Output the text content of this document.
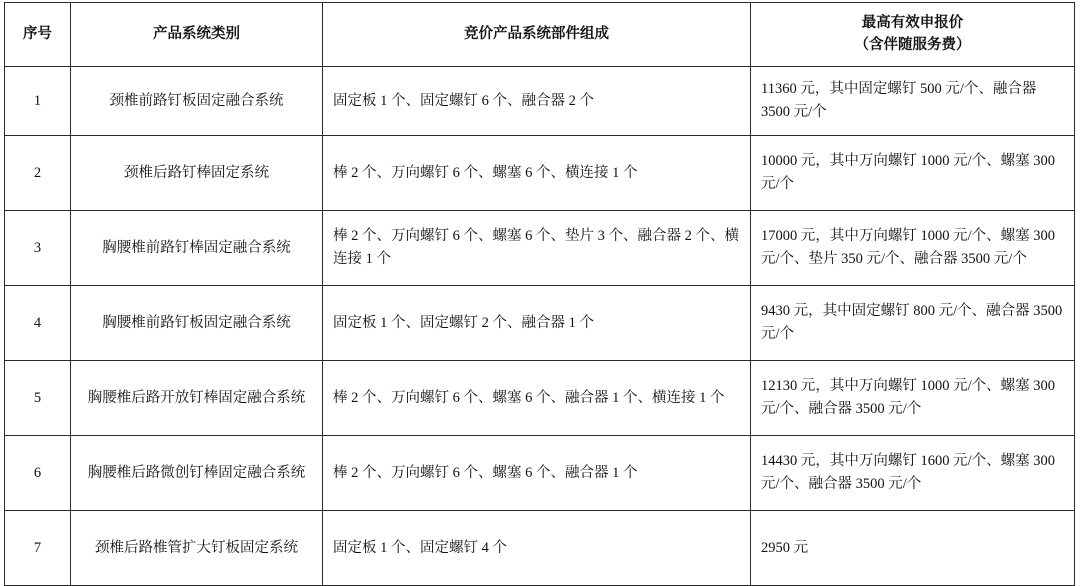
序号	产品系统类别	竞价产品系统部件组成	最高有效申报价
（含伴随服务费）

1	颈椎前路钉板固定融合系统	固定板 1 个、固定螺钉 6 个、融合器 2 个	11360 元，其中固定螺钉 500 元/个、融合器 3500 元/个
2	颈椎后路钉棒固定系统	棒 2 个、万向螺钉 6 个、螺塞 6 个、横连接 1 个	10000 元，其中万向螺钉 1000 元/个、螺塞 300 元/个
3	胸腰椎前路钉棒固定融合系统	棒 2 个、万向螺钉 6 个、螺塞 6 个、垫片 3 个、融合器 2 个、横连接 1 个	17000 元，其中万向螺钉 1000 元/个、螺塞 300 元/个、垫片 350 元/个、融合器 3500 元/个
4	胸腰椎前路钉板固定融合系统	固定板 1 个、固定螺钉 2 个、融合器 1 个	9430 元，其中固定螺钉 800 元/个、融合器 3500 元/个
5	胸腰椎后路开放钉棒固定融合系统	棒 2 个、万向螺钉 6 个、螺塞 6 个、融合器 1 个、横连接 1 个	12130 元，其中万向螺钉 1000 元/个、螺塞 300 元/个、融合器 3500 元/个
6	胸腰椎后路微创钉棒固定融合系统	棒 2 个、万向螺钉 6 个、螺塞 6 个、融合器 1 个	14430 元，其中万向螺钉 1600 元/个、螺塞 300 元/个、融合器 3500 元/个
7	颈椎后路椎管扩大钉板固定系统	固定板 1 个、固定螺钉 4 个	2950 元
